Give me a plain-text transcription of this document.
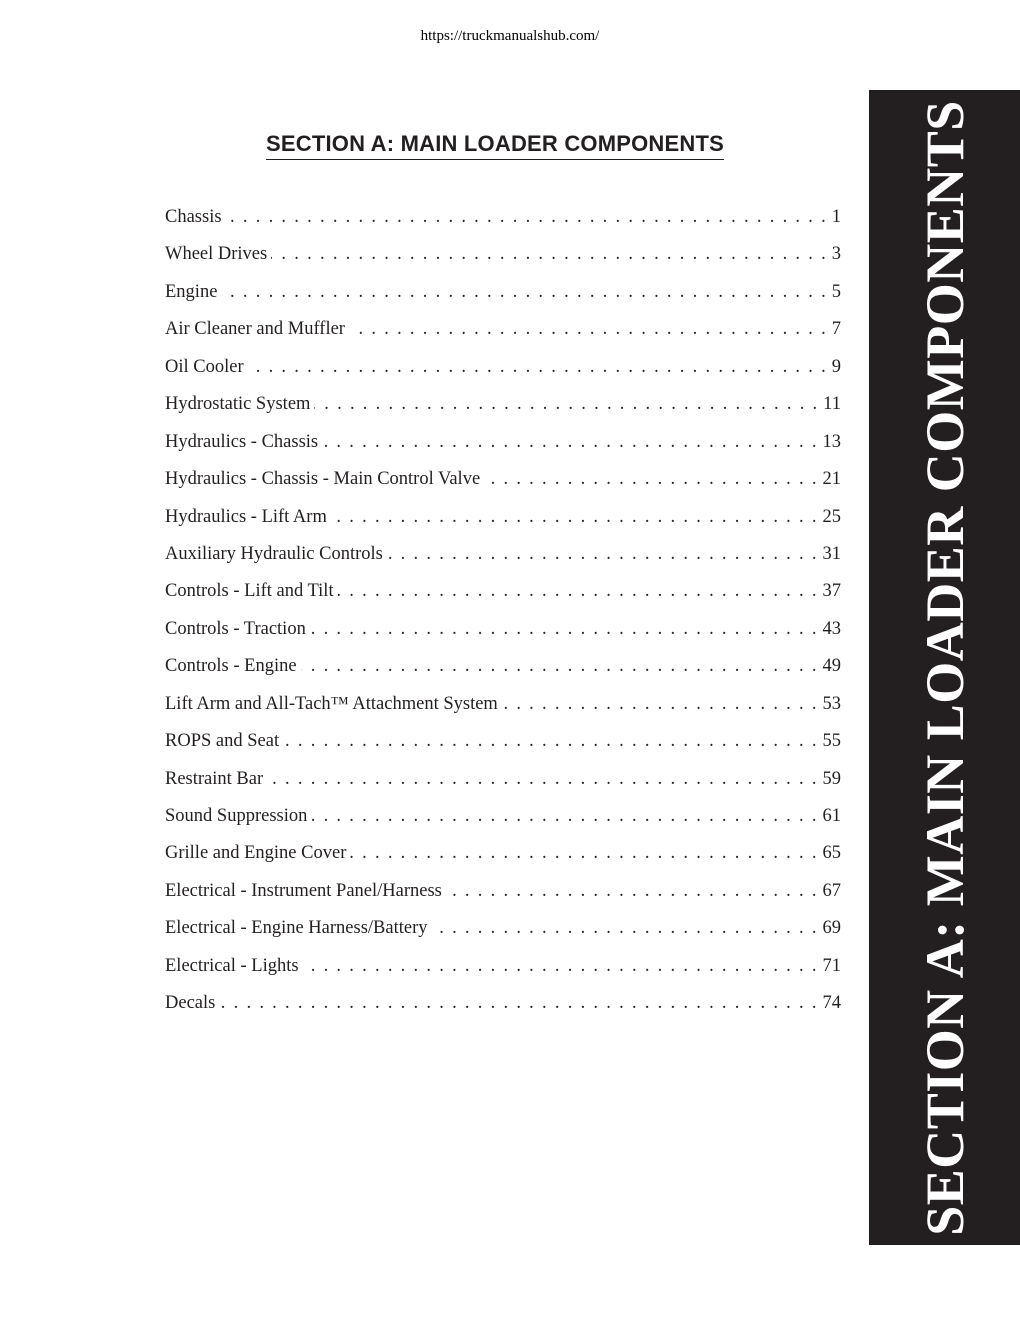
https://truckmanualshub.com/
SECTION A: MAIN LOADER COMPONENTS
Chassis . . .	1
Wheel Drives . . .	3
Engine . . .	5
Air Cleaner and Muffler . . .	7
Oil Cooler . . .	9
Hydrostatic System . . .	11
Hydraulics - Chassis . . .	13
Hydraulics - Chassis - Main Control Valve . . .	21
Hydraulics - Lift Arm . . .	25
Auxiliary Hydraulic Controls . . .	31
Controls - Lift and Tilt . . .	37
Controls - Traction . . .	43
Controls - Engine . . .	49
Lift Arm and All-Tach™ Attachment System . . .	53
ROPS and Seat . . .	55
Restraint Bar . . .	59
Sound Suppression . . .	61
Grille and Engine Cover . . .	65
Electrical - Instrument Panel/Harness . . .	67
Electrical - Engine Harness/Battery . . .	69
Electrical - Lights . . .	71
Decals . . .	74 SECTION A: MAIN LOADER COMPONENTS
